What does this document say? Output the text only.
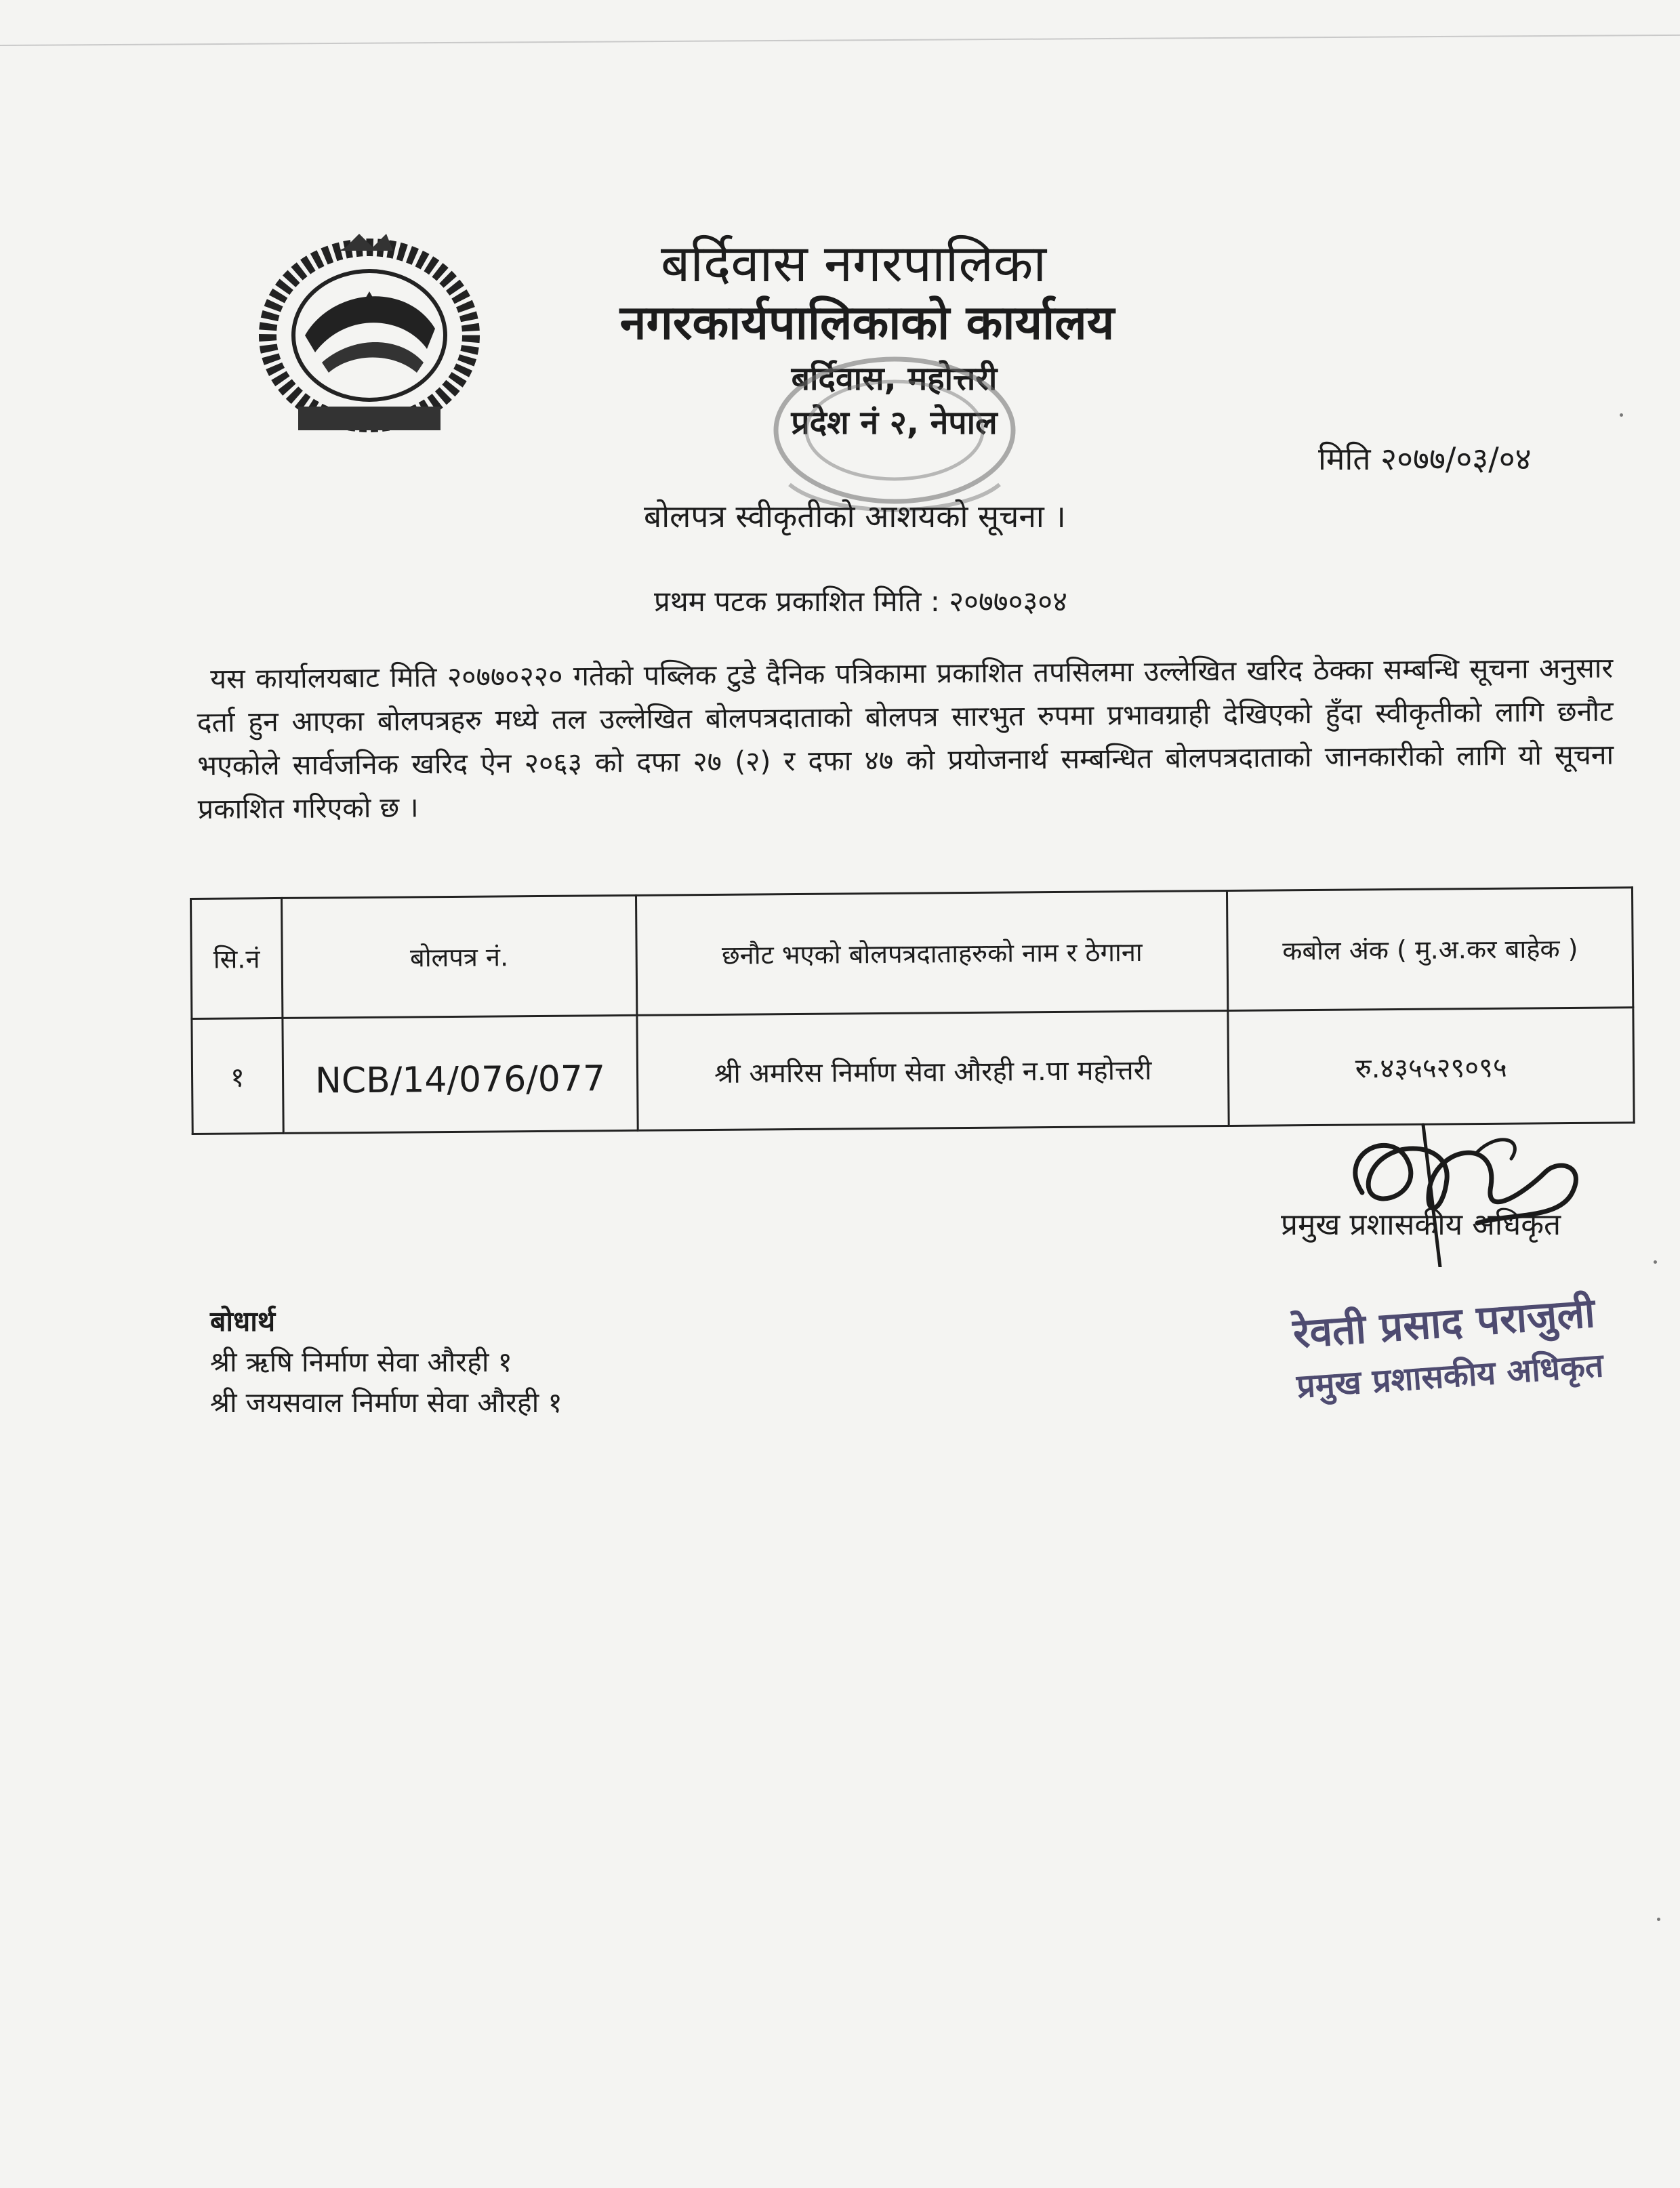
बर्दिवास नगरपालिका
नगरकार्यपालिकाको कार्यालय
बर्दिवास, महोत्तरी
प्रदेश नं २, नेपाल
मिति २०७७/०३/०४
बोलपत्र स्वीकृतीको आशयको सूचना ।
प्रथम पटक प्रकाशित मिति : २०७७०३०४
यस कार्यालयबाट मिति २०७७०२२० गतेको पब्लिक टुडे दैनिक पत्रिकामा प्रकाशित तपसिलमा उल्लेखित खरिद ठेक्का सम्बन्धि सूचना अनुसार दर्ता हुन आएका बोलपत्रहरु मध्ये तल उल्लेखित बोलपत्रदाताको बोलपत्र सारभुत रुपमा प्रभावग्राही देखिएको हुँदा स्वीकृतीको लागि छनौट भएकोले सार्वजनिक खरिद ऐन २०६३ को दफा २७ (२) र दफा ४७ को प्रयोजनार्थ सम्बन्धित बोलपत्रदाताको जानकारीको लागि यो सूचना प्रकाशित गरिएको छ ।
सि.नं	बोलपत्र नं.	छनौट भएको बोलपत्रदाताहरुको नाम र ठेगाना	कबोल अंक ( मु.अ.कर बाहेक )
१	NCB/14/076/077	श्री अमरिस निर्माण सेवा औरही न.पा महोत्तरी	रु.४३५५२९०९५
प्रमुख प्रशासकीय अधिकृत
रेवती प्रसाद पराजुली
प्रमुख प्रशासकीय अधिकृत
बोधार्थ
श्री ऋषि निर्माण सेवा औरही १
श्री जयसवाल निर्माण सेवा औरही १
